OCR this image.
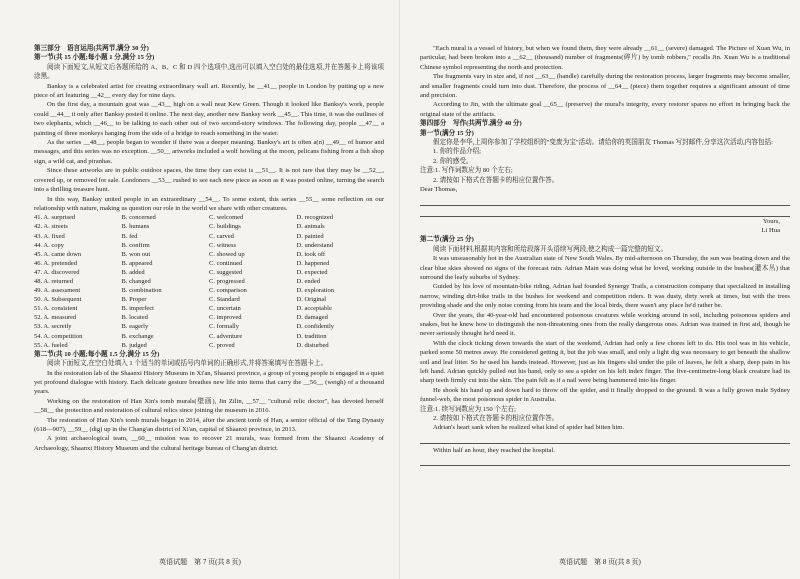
第三部分　语言运用(共两节,满分 30 分)

第一节(共 15 小题;每小题 1 分,满分 15 分)

阅读下面短文,从短文后各题所给的 A、B、C 和 D 四个选项中,选出可以填入空白处的最佳选项,并在答题卡上将该项涂黑。

Banksy is a celebrated artist for creating extraordinary wall art. Recently, he __41__ people in London by putting up a new piece of art featuring __42__ every day for nine days.

On the first day, a mountain goat was __43__ high on a wall near Kew Green. Though it looked like Banksy's work, people could __44__ it only after Banksy posted it online. The next day, another new Banksy work __45__. This time, it was the outlines of two elephants, which __46__ to be talking to each other out of two second-story windows. The following day, people __47__ a painting of three monkeys hanging from the side of a bridge to reach something in the water.

As the series __48__, people began to wonder if there was a deeper meaning. Banksy's art is often a(n) __49__ of humor and messages, and this series was no exception. __50__ artworks included a wolf howling at the moon, pelicans fishing from a fish shop sign, a wild cat, and piranhas.

Since these artworks are in public outdoor spaces, the time they can exist is __51__. It is not rare that they may be __52__, covered up, or removed for sale. Londoners __53__ rushed to see each new piece as soon as it was posted online, turning the search into a thrilling treasure hunt.

In this way, Banksy united people in an extraordinary __54__. To some extent, this series __55__ some reflection on our relationship with nature, making us question our role in the world we share with other creatures.

41. A. surprised	B. concerned	C. welcomed	D. recognized
42. A. streets	B. humans	C. buildings	D. animals
43. A. fixed	B. fed	C. carved	D. painted
44. A. copy	B. confirm	C. witness	D. understand
45. A. came down	B. won out	C. showed up	D. took off
46. A. pretended	B. appeared	C. continued	D. happened
47. A. discovered	B. added	C. suggested	D. expected
48. A. returned	B. changed	C. progressed	D. ended
49. A. assessment	B. combination	C. comparison	D. exploration
50. A. Subsequent	B. Proper	C. Standard	D. Original
51. A. consistent	B. imperfect	C. uncertain	D. acceptable
52. A. measured	B. located	C. improved	D. damaged
53. A. secretly	B. eagerly	C. formally	D. confidently
54. A. competition	B. exchange	C. adventure	D. tradition
55. A. fueled	B. judged	C. proved	D. disturbed

第二节(共 10 小题;每小题 1.5 分,满分 15 分)

阅读下面短文,在空白处填入 1 个适当的单词或括号内单词的正确形式,并将答案填写在答题卡上。

In the restoration lab of the Shaanxi History Museum in Xi'an, Shaanxi province, a group of young people is engaged in a quiet yet profound dialogue with history. Each delicate gesture breathes new life into items that carry the __56__ (weigh) of a thousand years.

Working on the restoration of Han Xin's tomb murals(壁画), Jin Zilin, __57__ "cultural relic doctor", has devoted herself __58__ the protection and restoration of cultural relics since joining the museum in 2016.

The restoration of Han Xin's tomb murals began in 2014, after the ancient tomb of Han, a senior official of the Tang Dynasty (618—907), __59__ (dig) up in the Chang'an district of Xi'an, capital of Shaanxi province, in 2013.

A joint archaeological team, __60__ mission was to recover 21 murals, was formed from the Shaanxi Academy of Archaeology, Shaanxi History Museum and the cultural heritage bureau of Chang'an district.

英语试题　第 7 页(共 8 页)

"Each mural is a vessel of history, but when we found them, they were already __61__ (severe) damaged. The Picture of Xuan Wu, in particular, had been broken into a __62__ (thousand) number of fragments(碎片) by tomb robbers," recalls Jin. Xuan Wu is a traditional Chinese symbol representing the north and protection.

The fragments vary in size and, if not __63__ (handle) carefully during the restoration process, larger fragments may become smaller, and smaller fragments could turn into dust. Therefore, the process of __64__ (piece) them together requires a significant amount of time and precision.

According to Jin, with the ultimate goal __65__ (preserve) the mural's integrity, every restorer spares no effort in bringing back the original state of the artifacts.

第四部分　写作(共两节,满分 40 分)

第一节(满分 15 分)

假定你是李华,上周你参加了学校组织的"变废为宝"活动。请给你的英国朋友 Thomas 写封邮件,分享这次活动,内容包括:

1. 你的作品介绍;

2. 你的感受。

注意:1. 写作词数应为 80 个左右;

2. 请按如下格式在答题卡的相应位置作答。

Dear Thomas,

Yours,

Li Hua

第二节(满分 25 分)

阅读下面材料,根据其内容和所给段落开头语续写两段,使之构成一篇完整的短文。

It was unseasonably hot in the Australian state of New South Wales. By mid-afternoon on Thursday, the sun was beating down and the clear blue skies showed no signs of the forecast rain. Adrian Main was doing what he loved, working outside in the bushes(灌木丛) that surround the leafy suburbs of Sydney.

Guided by his love of mountain-bike riding, Adrian had founded Synergy Trails, a construction company that specialized in installing narrow, winding dirt-bike trails in the bushes for weekend and competition riders. It was dusty, dirty work at times, but with the trees providing shade and the only noise coming from his team and the local birds, there wasn't any place he'd rather be.

Over the years, the 40-year-old had encountered poisonous creatures while working around in soil, including poisonous spiders and snakes, but he knew how to distinguish the non-threatening ones from the really dangerous ones. Adrian was trained in first aid, though he never seriously thought he'd need it.

With the clock ticking down towards the start of the weekend, Adrian had only a few chores left to do. His tool was in his vehicle, parked some 50 metres away. He considered getting it, but the job was small, and only a light dig was necessary to get beneath the shallow soil and leaf litter. So he used his hands instead. However, just as his fingers slid under the pile of leaves, he felt a sharp, deep pain in his left hand. Adrian quickly pulled out his hand, only to see a spider on his left index finger. The five-centimetre-long black creature had its sharp teeth firmly cut into the skin. The pain felt as if a nail were being hammered into his finger.

He shook his hand up and down hard to throw off the spider, and it finally dropped to the ground. It was a fully grown male Sydney funnel-web, the most poisonous spider in Australia.

注意:1. 续写词数应为 150 个左右;

2. 请按如下格式在答题卡的相应位置作答。

Adrian's heart sank when he realized what kind of spider had bitten him.

Within half an hour, they reached the hospital.

英语试题　第 8 页(共 8 页)
